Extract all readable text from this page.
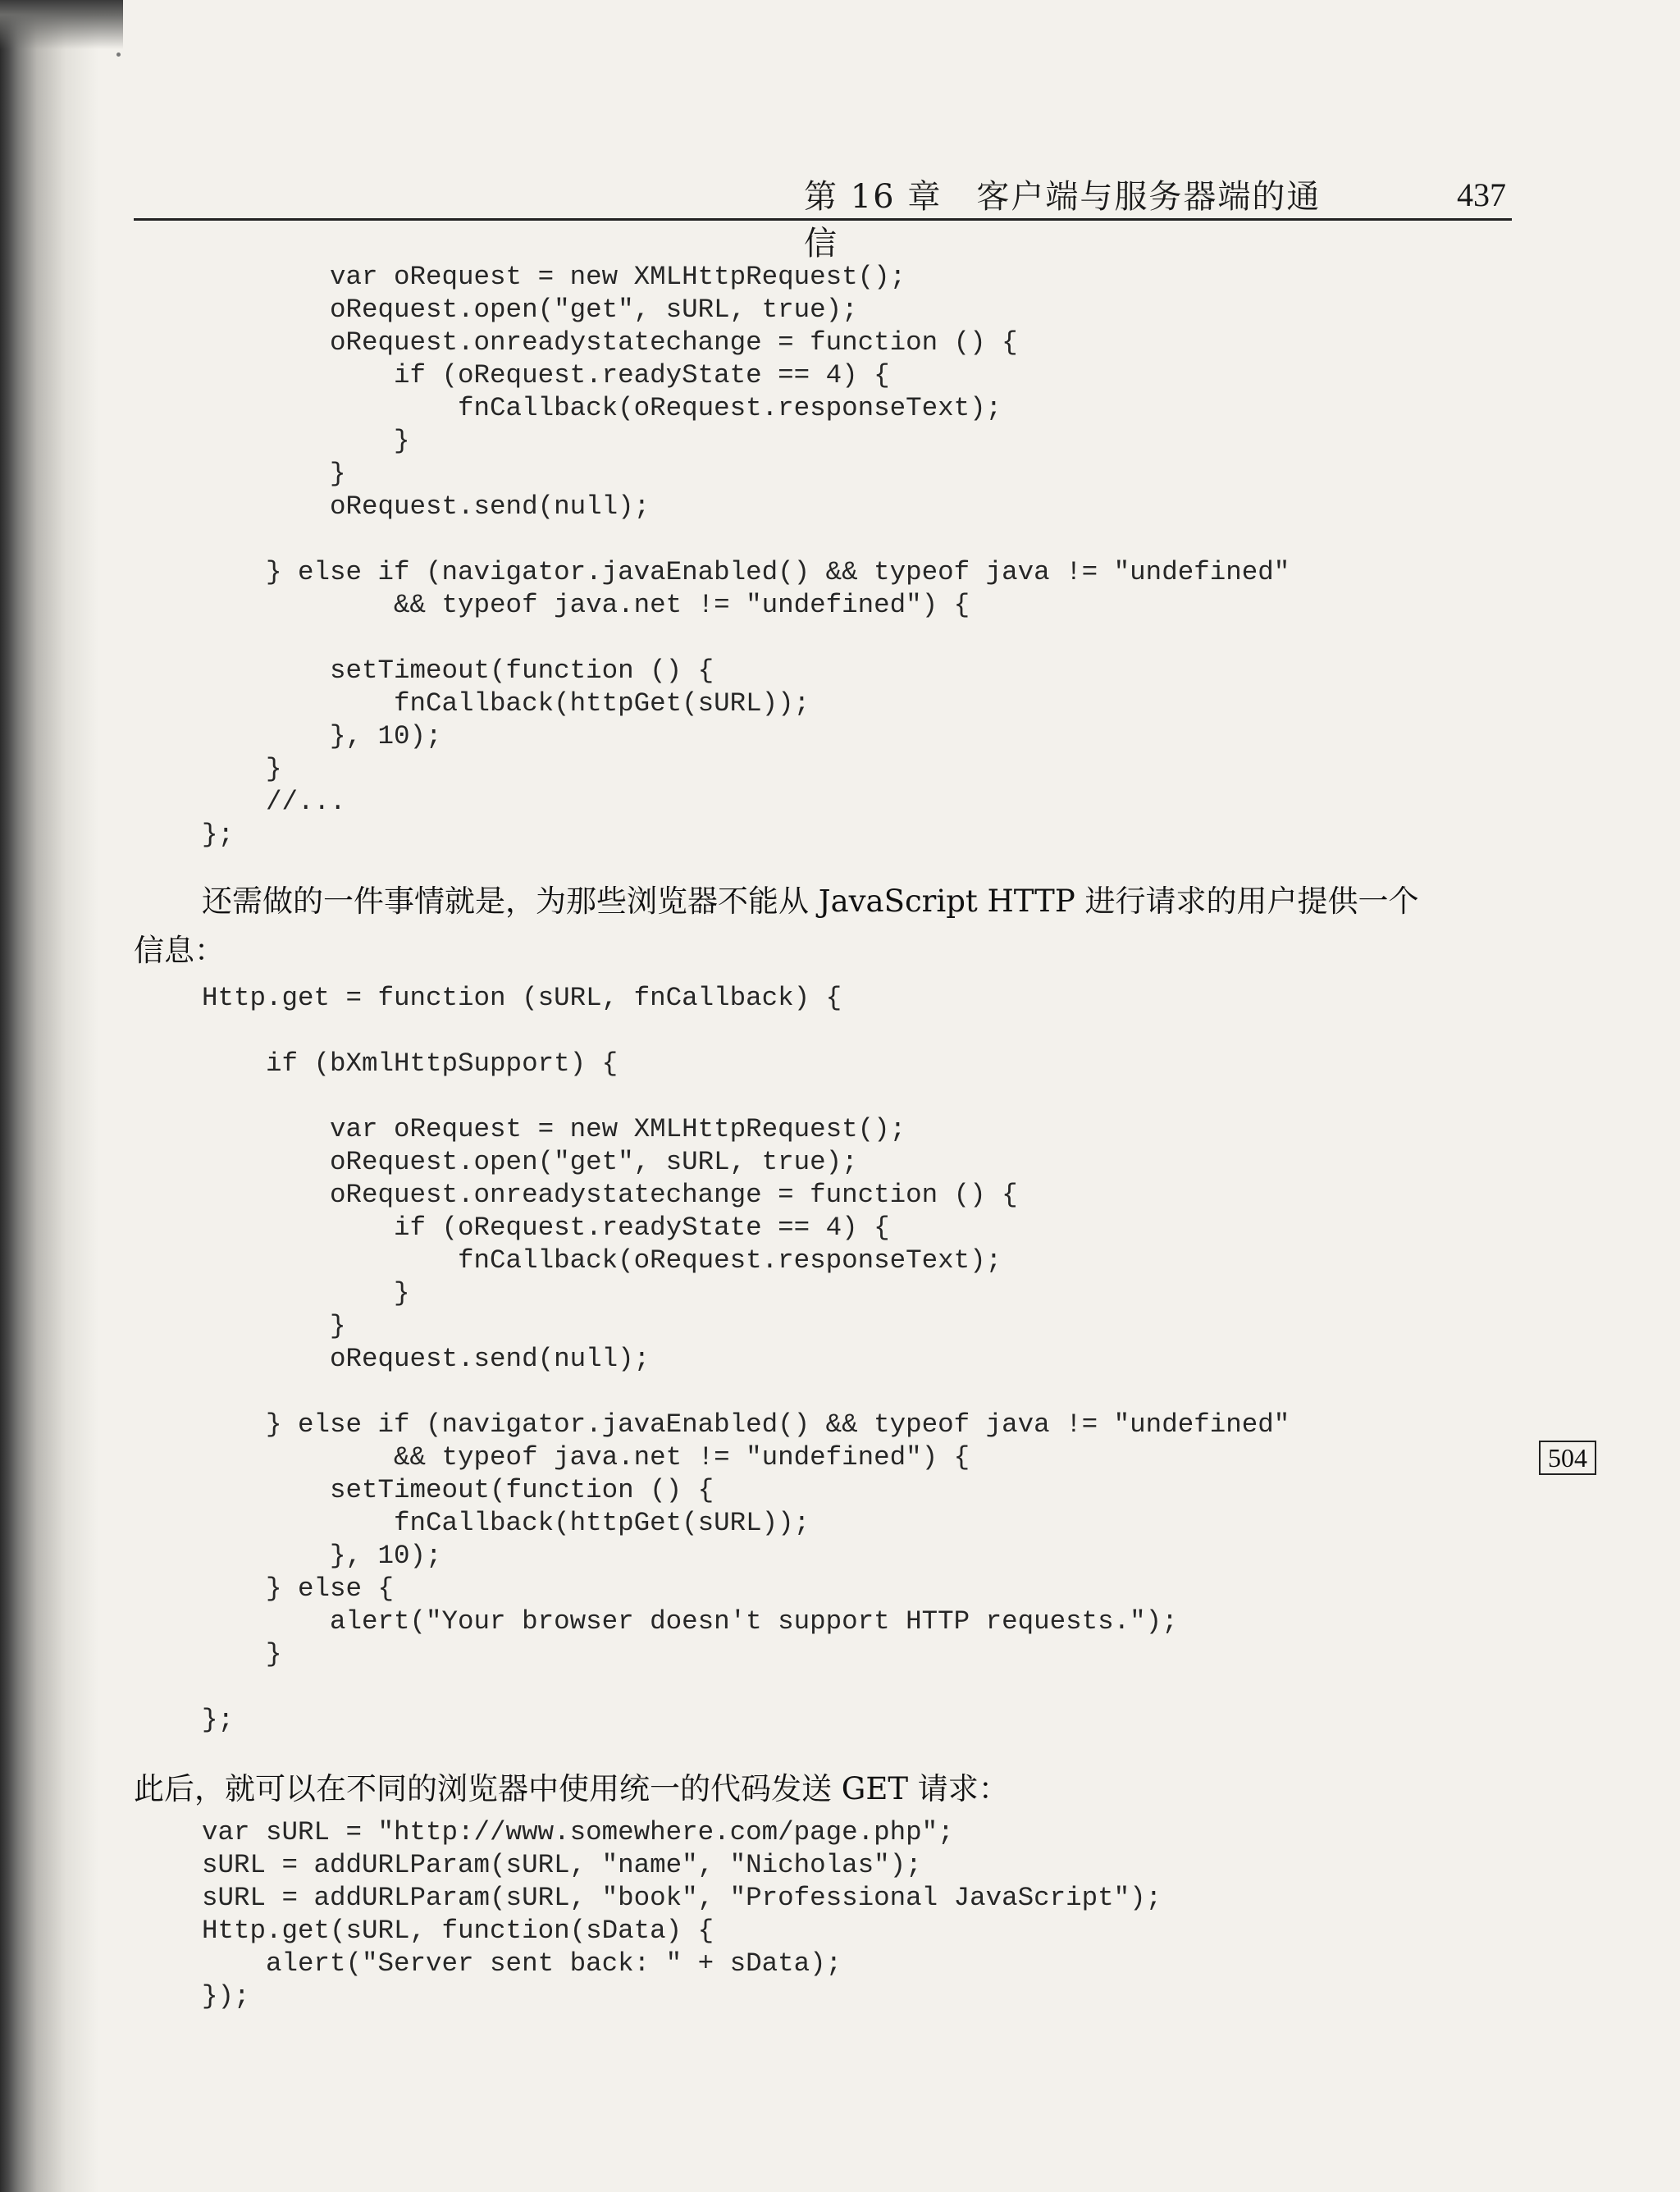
第 16 章　客户端与服务器端的通信
437
var oRequest = new XMLHttpRequest();
oRequest.open("get", sURL, true);
oRequest.onreadystatechange = function () {
if (oRequest.readyState == 4) {
fnCallback(oRequest.responseText);
}
}
oRequest.send(null);

} else if (navigator.javaEnabled() && typeof java != "undefined"
&& typeof java.net != "undefined") {

setTimeout(function () {
fnCallback(httpGet(sURL));
}, 10);
}
//...
};
还需做的一件事情就是，为那些浏览器不能从 JavaScript HTTP 进行请求的用户提供一个
信息：
Http.get = function (sURL, fnCallback) {

if (bXmlHttpSupport) {

var oRequest = new XMLHttpRequest();
oRequest.open("get", sURL, true);
oRequest.onreadystatechange = function () {
if (oRequest.readyState == 4) {
fnCallback(oRequest.responseText);
}
}
oRequest.send(null);

} else if (navigator.javaEnabled() && typeof java != "undefined"
&& typeof java.net != "undefined") {
setTimeout(function () {
fnCallback(httpGet(sURL));
}, 10);
} else {
alert("Your browser doesn't support HTTP requests.");
}

};
504
此后，就可以在不同的浏览器中使用统一的代码发送 GET 请求：
var sURL = "http://www.somewhere.com/page.php";
sURL = addURLParam(sURL, "name", "Nicholas");
sURL = addURLParam(sURL, "book", "Professional JavaScript");
Http.get(sURL, function(sData) {
alert("Server sent back: " + sData);
});
